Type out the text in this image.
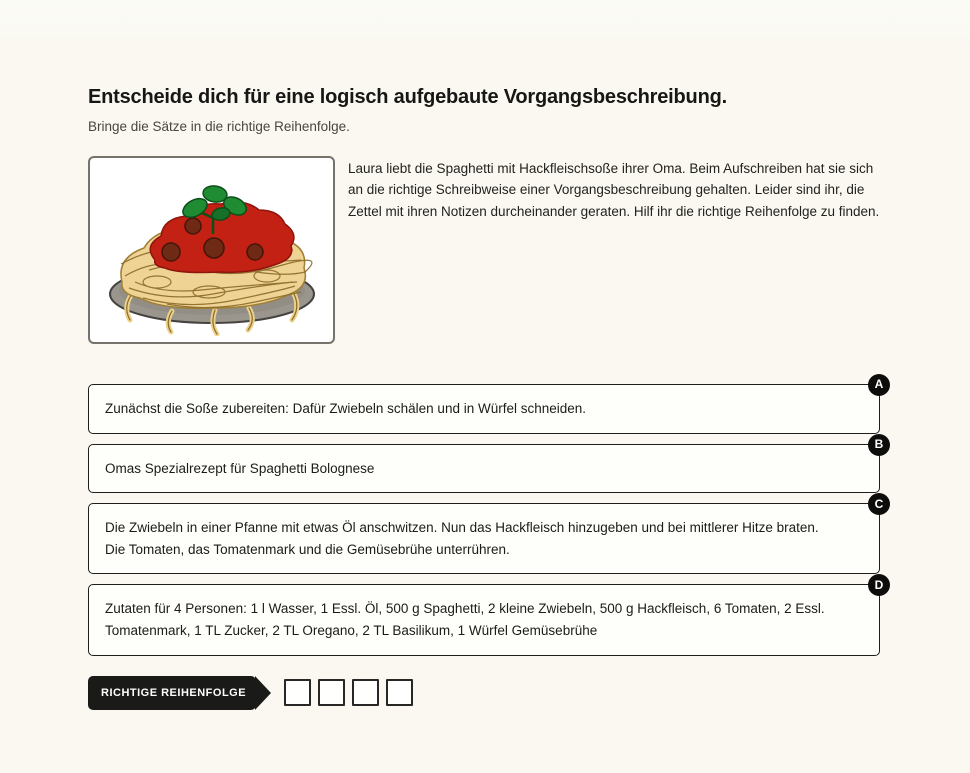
Entscheide dich für eine logisch aufgebaute Vorgangsbeschreibung.

Bringe die Sätze in die richtige Reihenfolge.

Laura liebt die Spaghetti mit Hackfleischsoße ihrer Oma. Beim Aufschreiben hat sie sich an die richtige Schreibweise einer Vorgangsbeschreibung gehalten. Leider sind ihr, die Zettel mit ihren Notizen durcheinander geraten. Hilf ihr die richtige Reihenfolge zu finden.

Zunächst die Soße zubereiten: Dafür Zwiebeln schälen und in Würfel schneiden.
A
Omas Spezialrezept für Spaghetti Bolognese
B
Die Zwiebeln in einer Pfanne mit etwas Öl anschwitzen. Nun das Hackfleisch hinzugeben und bei mittlerer Hitze braten. Die Tomaten, das Tomatenmark und die Gemüsebrühe unterrühren.
C
Zutaten für 4 Personen: 1 l Wasser, 1 Essl. Öl, 500 g Spaghetti, 2 kleine Zwiebeln, 500 g Hackfleisch, 6 Tomaten, 2 Essl. Tomatenmark, 1 TL Zucker, 2 TL Oregano, 2 TL Basilikum, 1 Würfel Gemüsebrühe
D
RICHTIGE REIHENFOLGE
